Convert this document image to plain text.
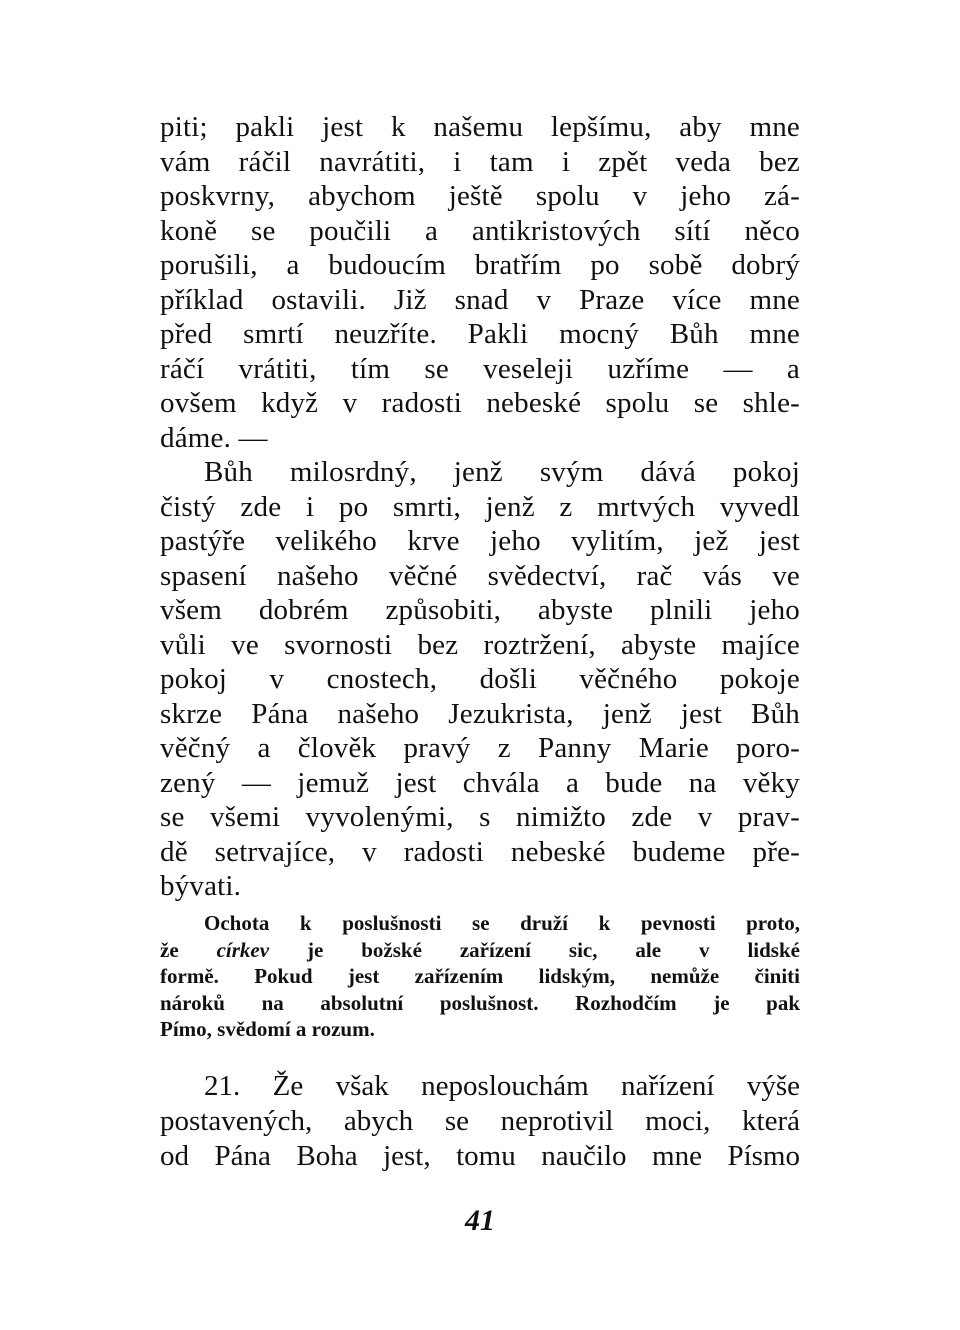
piti; pakli jest k našemu lepšímu, aby mne
vám ráčil navrátiti, i tam i zpět veda bez
poskvrny, abychom ještě spolu v jeho zá-
koně se poučili a antikristových sítí něco
porušili, a budoucím bratřím po sobě dobrý
příklad ostavili. Již snad v Praze více mne
před smrtí neuzříte. Pakli mocný Bůh mne
ráčí vrátiti, tím se veseleji uzříme — a
ovšem když v radosti nebeské spolu se shle-
dáme. —
Bůh milosrdný, jenž svým dává pokoj
čistý zde i po smrti, jenž z mrtvých vyvedl
pastýře velikého krve jeho vylitím, jež jest
spasení našeho věčné svědectví, rač vás ve
všem dobrém způsobiti, abyste plnili jeho
vůli ve svornosti bez roztržení, abyste majíce
pokoj v cnostech, došli věčného pokoje
skrze Pána našeho Jezukrista, jenž jest Bůh
věčný a člověk pravý z Panny Marie poro-
zený — jemuž jest chvála a bude na věky
se všemi vyvolenými, s nimižto zde v prav-
dě setrvajíce, v radosti nebeské budeme pře-
bývati.
Ochota k poslušnosti se druží k pevnosti proto,
že církev je božské zařízení sic, ale v lidské
formě. Pokud jest zařízením lidským, nemůže činiti
nároků na absolutní poslušnost. Rozhodčím je pak
Pímo, svědomí a rozum.
21. Že však neposlouchám nařízení výše
postavených, abych se neprotivil moci, která
od Pána Boha jest, tomu naučilo mne Písmo
41
